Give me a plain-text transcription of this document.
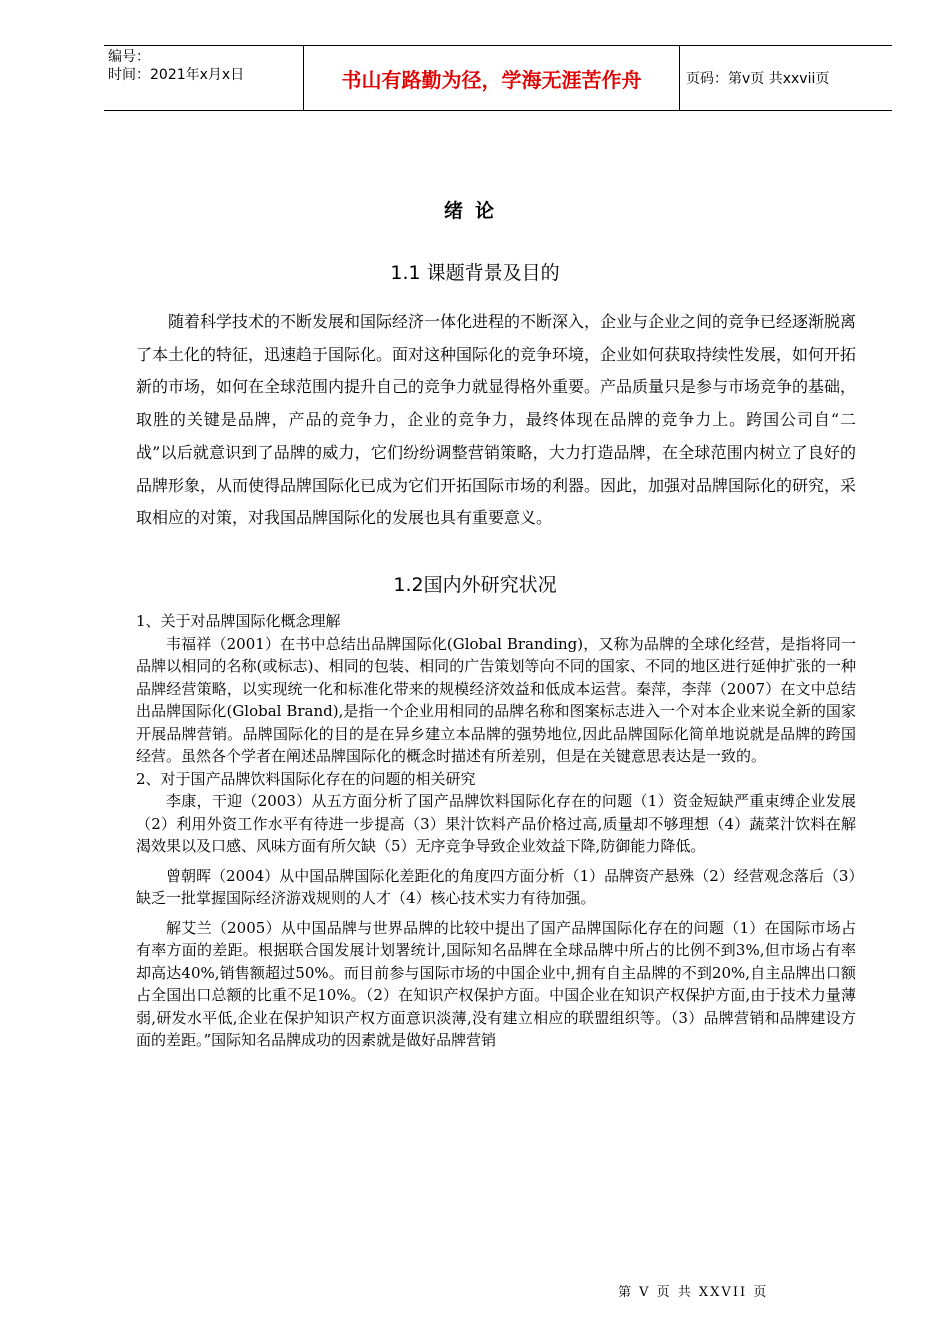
编号：
时间：2021年x月x日	书山有路勤为径，学海无涯苦作舟	页码：第v页 共xxvii页
绪论
1.1 课题背景及目的

随着科学技术的不断发展和国际经济一体化进程的不断深入，企业与企业之间的竞争已经逐渐脱离了本土化的特征，迅速趋于国际化。面对这种国际化的竞争环境，企业如何获取持续性发展，如何开拓新的市场，如何在全球范围内提升自己的竞争力就显得格外重要。产品质量只是参与市场竞争的基础，取胜的关键是品牌，产品的竞争力，企业的竞争力，最终体现在品牌的竞争力上。跨国公司自“二战”以后就意识到了品牌的威力，它们纷纷调整营销策略，大力打造品牌，在全球范围内树立了良好的品牌形象，从而使得品牌国际化已成为它们开拓国际市场的利器。因此，加强对品牌国际化的研究，采取相应的对策，对我国品牌国际化的发展也具有重要意义。

1.2国内外研究状况

1、关于对品牌国际化概念理解

韦福祥（2001）在书中总结出品牌国际化(Global Branding)，又称为品牌的全球化经营，是指将同一品牌以相同的名称(或标志)、相同的包装、相同的广告策划等向不同的国家、不同的地区进行延伸扩张的一种品牌经营策略，以实现统一化和标准化带来的规模经济效益和低成本运营。秦萍，李萍（2007）在文中总结出品牌国际化(Global Brand),是指一个企业用相同的品牌名称和图案标志进入一个对本企业来说全新的国家开展品牌营销。品牌国际化的目的是在异乡建立本品牌的强势地位,因此品牌国际化简单地说就是品牌的跨国经营。虽然各个学者在阐述品牌国际化的概念时描述有所差别，但是在关键意思表达是一致的。

2、对于国产品牌饮料国际化存在的问题的相关研究

李康，干迎（2003）从五方面分析了国产品牌饮料国际化存在的问题（1）资金短缺严重束缚企业发展（2）利用外资工作水平有待进一步提高（3）果汁饮料产品价格过高,质量却不够理想（4）蔬菜汁饮料在解渴效果以及口感、风味方面有所欠缺（5）无序竞争导致企业效益下降,防御能力降低。

曾朝晖（2004）从中国品牌国际化差距化的角度四方面分析（1）品牌资产悬殊（2）经营观念落后（3）缺乏一批掌握国际经济游戏规则的人才（4）核心技术实力有待加强。

解艾兰（2005）从中国品牌与世界品牌的比较中提出了国产品牌国际化存在的问题（1）在国际市场占有率方面的差距。根据联合国发展计划署统计,国际知名品牌在全球品牌中所占的比例不到3%,但市场占有率却高达40%,销售额超过50%。而目前参与国际市场的中国企业中,拥有自主品牌的不到20%,自主品牌出口额占全国出口总额的比重不足10%。（2）在知识产权保护方面。中国企业在知识产权保护方面,由于技术力量薄弱,研发水平低,企业在保护知识产权方面意识淡薄,没有建立相应的联盟组织等。（3）品牌营销和品牌建设方面的差距。”国际知名品牌成功的因素就是做好品牌营销

第 V 页 共 XXVII 页
